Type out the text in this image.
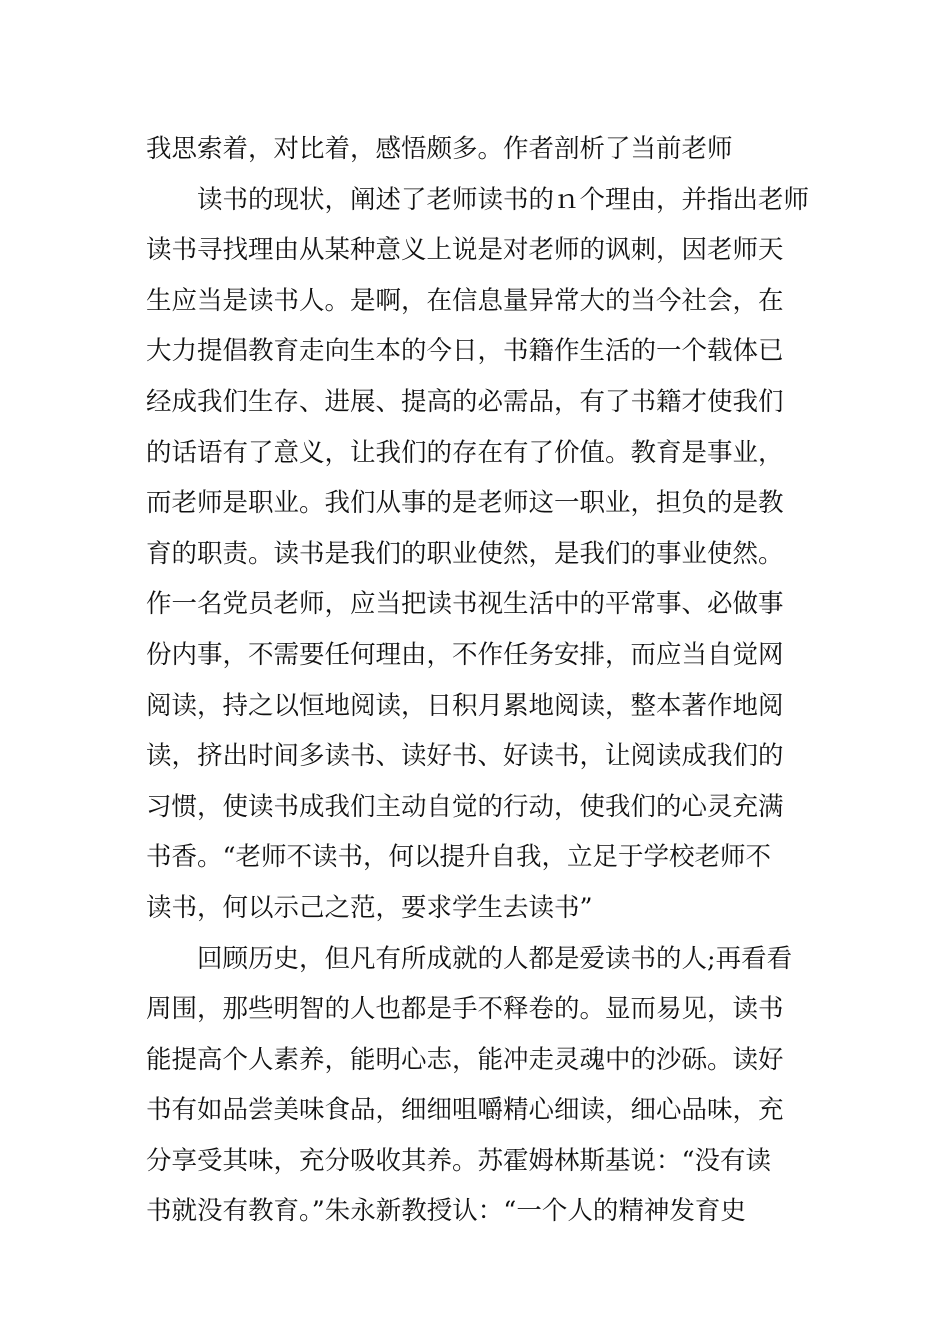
我思索着，对比着，感悟颇多。作者剖析了当前老师
读书的现状，阐述了老师读书的ｎ个理由，并指出老师
读书寻找理由从某种意义上说是对老师的讽刺，因老师天
生应当是读书人。是啊，在信息量异常大的当今社会，在
大力提倡教育走向生本的今日，书籍作生活的一个载体已
经成我们生存、进展、提高的必需品，有了书籍才使我们
的话语有了意义，让我们的存在有了价值。教育是事业，
而老师是职业。我们从事的是老师这一职业，担负的是教
育的职责。读书是我们的职业使然，是我们的事业使然。
作一名党员老师，应当把读书视生活中的平常事、必做事
份内事，不需要任何理由，不作任务安排，而应当自觉网
阅读，持之以恒地阅读，日积月累地阅读，整本著作地阅
读，挤出时间多读书、读好书、好读书，让阅读成我们的
习惯，使读书成我们主动自觉的行动，使我们的心灵充满
书香。“老师不读书，何以提升自我，立足于学校老师不
读书，何以示己之范，要求学生去读书”
回顾历史，但凡有所成就的人都是爱读书的人;再看看
周围，那些明智的人也都是手不释卷的。显而易见，读书
能提高个人素养，能明心志，能冲走灵魂中的沙砾。读好
书有如品尝美味食品，细细咀嚼精心细读，细心品味，充
分享受其味，充分吸收其养。苏霍姆林斯基说：“没有读
书就没有教育。”朱永新教授认：“一个人的精神发育史
